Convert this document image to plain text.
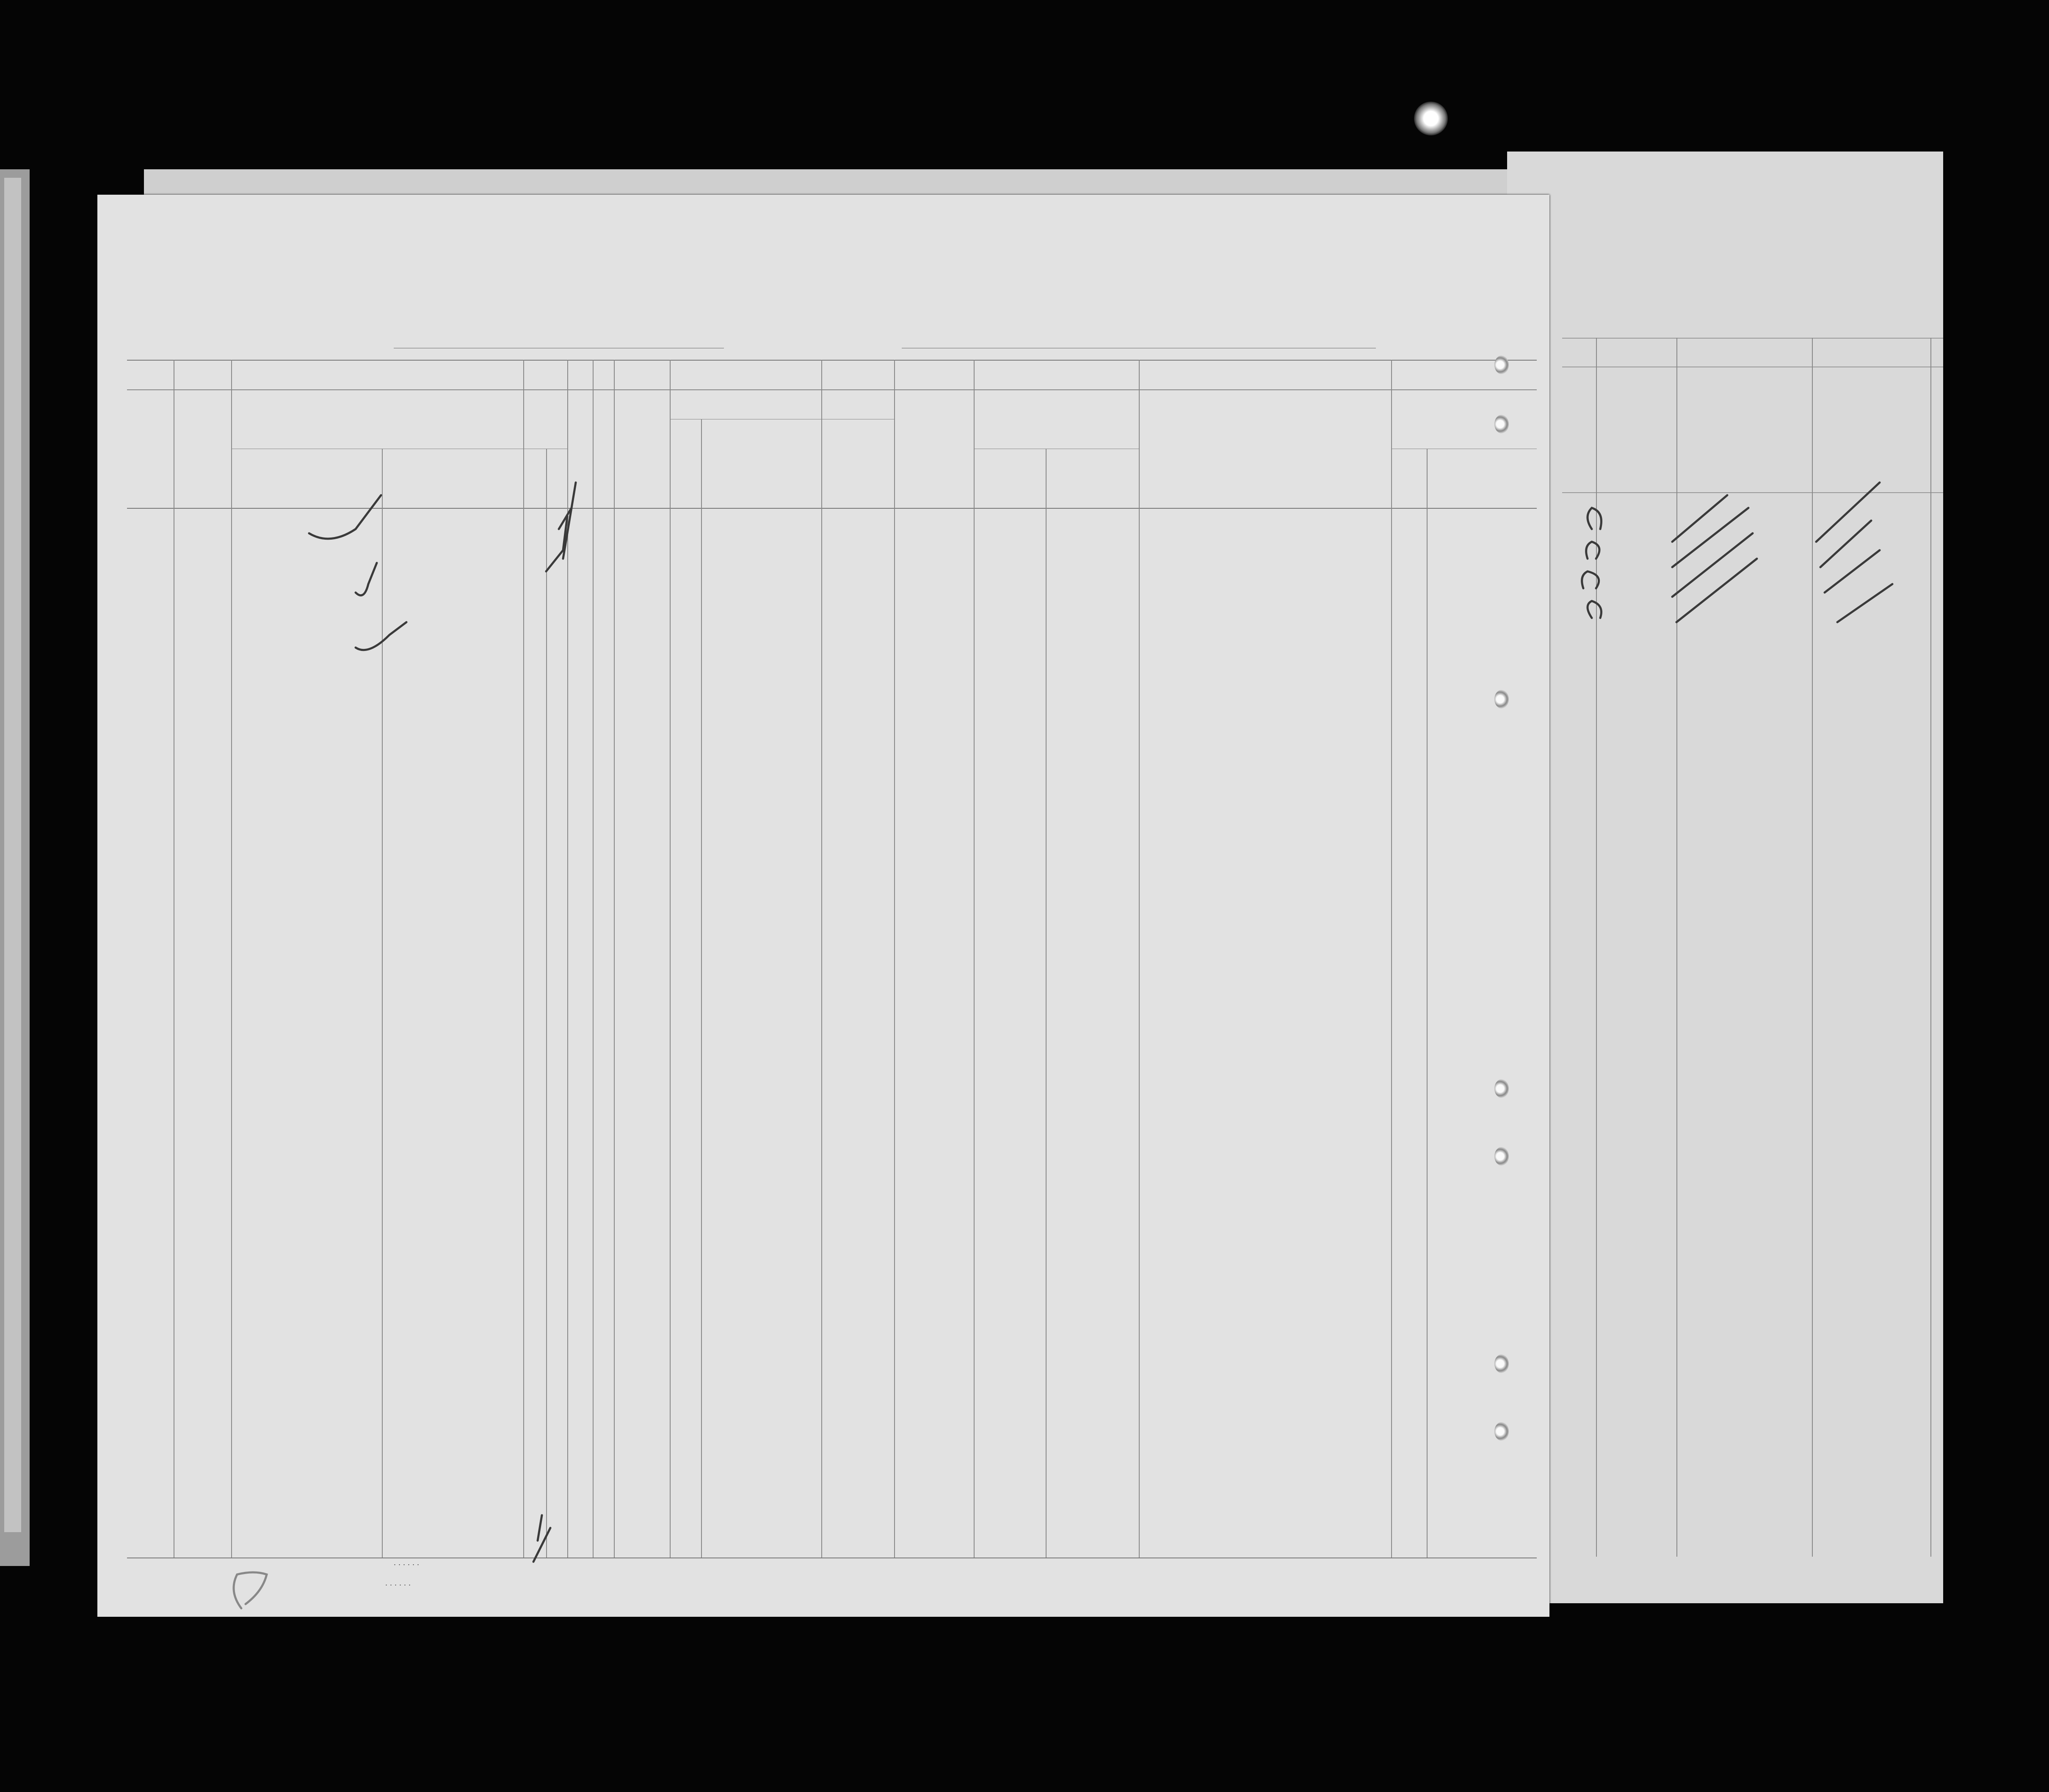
......
......
